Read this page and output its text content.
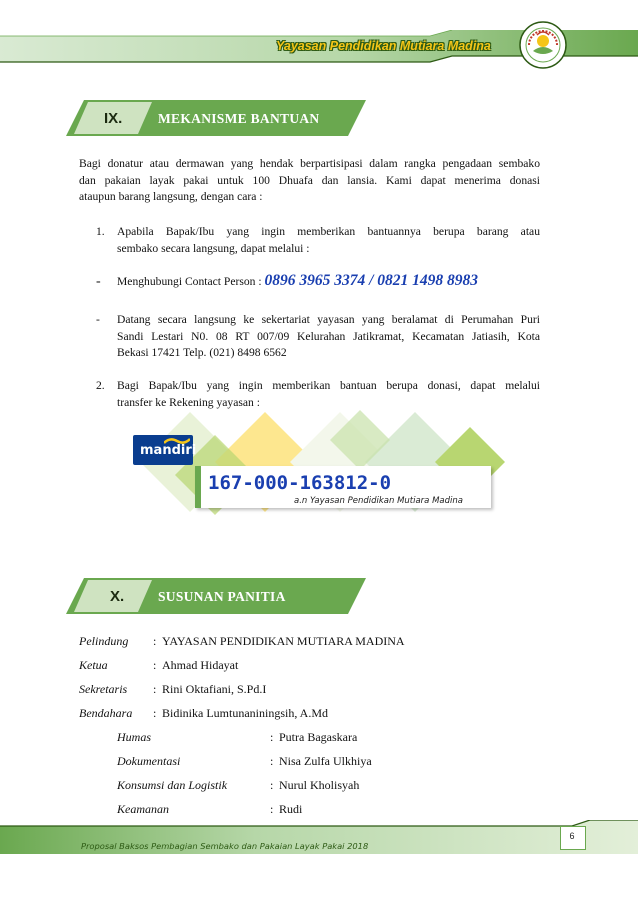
Yayasan Pendidikan Mutiara Madina
IX.	MEKANISME BANTUAN
Bagi donatur atau dermawan yang hendak berpartisipasi dalam rangka pengadaan sembako
dan pakaian layak pakai untuk 100 Dhuafa dan lansia. Kami dapat menerima donasi
ataupun barang langsung, dengan cara :
1. Apabila Bapak/Ibu yang ingin memberikan bantuannya berupa barang atau
sembako secara langsung, dapat melalui :
- Menghubungi Contact Person : 0896 3965 3374 / 0821 1498 8983
- Datang secara langsung ke sekertariat yayasan yang beralamat di Perumahan Puri
Sandi Lestari N0. 08 RT 007/09 Kelurahan Jatikramat, Kecamatan Jatiasih, Kota
Bekasi 17421 Telp. (021) 8498 6562
2. Bagi Bapak/Ibu yang ingin memberikan bantuan berupa donasi, dapat melalui
transfer ke Rekening yayasan :
mandiri
167-000-163812-0
a.n Yayasan Pendidikan Mutiara Madina
X.	SUSUNAN PANITIA
Pelindung : YAYASAN PENDIDIKAN MUTIARA MADINA
Ketua	: Ahmad Hidayat
Sekretaris : Rini Oktafiani, S.Pd.I
Bendahara : Bidinika Lumtunaniningsih, A.Md
Humas	: Putra Bagaskara
Dokumentasi	: Nisa Zulfa Ulkhiya
Konsumsi dan Logistik	: Nurul Kholisyah
Keamanan	: Rudi
Proposal Baksos Pembagian Sembako dan Pakaian Layak Pakai 2018
6
